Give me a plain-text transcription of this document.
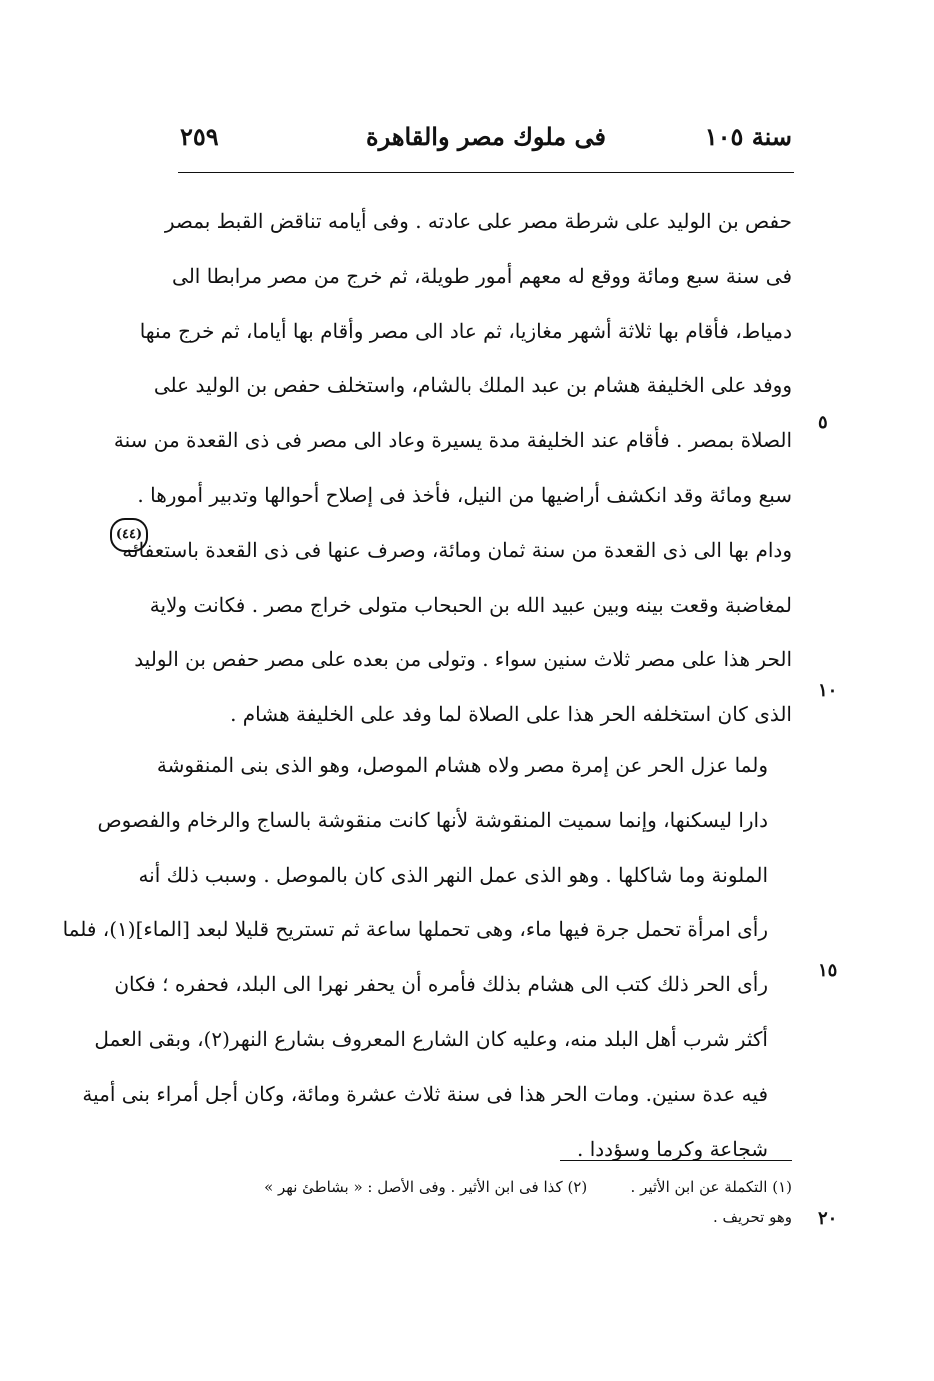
سنة ١٠٥
فى ملوك مصر والقاهرة
٢٥٩
حفص بن الوليد على شرطة مصر على عادته . وفى أيامه تناقض القبط بمصر
فى سنة سبع ومائة ووقع له معهم أمور طويلة، ثم خرج من مصر مرابطا الى
دمياط، فأقام بها ثلاثة أشهر مغازيا، ثم عاد الى مصر وأقام بها أياما، ثم خرج منها
ووفد على الخليفة هشام بن عبد الملك بالشام، واستخلف حفص بن الوليد على
الصلاة بمصر . فأقام عند الخليفة مدة يسيرة وعاد الى مصر فى ذى القعدة من سنة
سبع ومائة وقد انكشف أراضيها من النيل، فأخذ فى إصلاح أحوالها وتدبير أمورها .
ودام بها الى ذى القعدة من سنة ثمان ومائة، وصرف عنها فى ذى القعدة باستعفائه
لمغاضبة وقعت بينه وبين عبيد الله بن الحبحاب متولى خراج مصر . فكانت ولاية
الحر هذا على مصر ثلاث سنين سواء . وتولى من بعده على مصر حفص بن الوليد
الذى كان استخلفه الحر هذا على الصلاة لما وفد على الخليفة هشام .
ولما عزل الحر عن إمرة مصر ولاه هشام الموصل، وهو الذى بنى المنقوشة
دارا ليسكنها، وإنما سميت المنقوشة لأنها كانت منقوشة بالساج والرخام والفصوص
الملونة وما شاكلها . وهو الذى عمل النهر الذى كان بالموصل . وسبب ذلك أنه
رأى امرأة تحمل جرة فيها ماء، وهى تحملها ساعة ثم تستريح قليلا لبعد [الماء](١)، فلما
رأى الحر ذلك كتب الى هشام بذلك فأمره أن يحفر نهرا الى البلد، فحفره ؛ فكان
أكثر شرب أهل البلد منه، وعليه كان الشارع المعروف بشارع النهر(٢)، وبقى العمل
فيه عدة سنين. ومات الحر هذا فى سنة ثلاث عشرة ومائة، وكان أجل أمراء بنى أمية
شجاعة وكرما وسؤددا .
٥
١٠
١٥
٢٠
(٤٤)
(١) التكملة عن ابن الأثير . (٢) كذا فى ابن الأثير . وفى الأصل : « بشاطئ نهر »
وهو تحريف .
